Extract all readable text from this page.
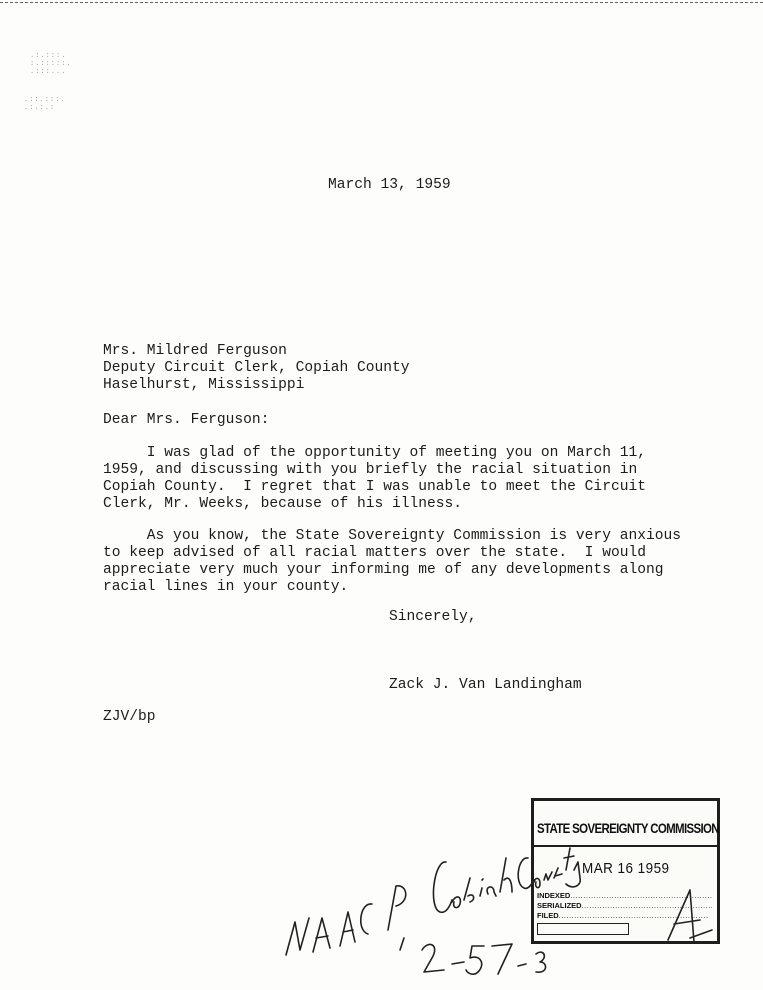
.:.:::.
:.:::::.
.:::...
.::.:::.
.:.:.:
March 13, 1959
Mrs. Mildred Ferguson
Deputy Circuit Clerk, Copiah County
Haselhurst, Mississippi
Dear Mrs. Ferguson:
I was glad of the opportunity of meeting you on March 11,
1959, and discussing with you briefly the racial situation in
Copiah County.  I regret that I was unable to meet the Circuit
Clerk, Mr. Weeks, because of his illness.
As you know, the State Sovereignty Commission is very anxious
to keep advised of all racial matters over the state.  I would
appreciate very much your informing me of any developments along
racial lines in your county.
Sincerely,
Zack J. Van Landingham
ZJV/bp
STATE SOVEREIGNTY COMMISSION
MAR 16 1959
INDEXED .....
SERIALIZED .....
FILED .....
